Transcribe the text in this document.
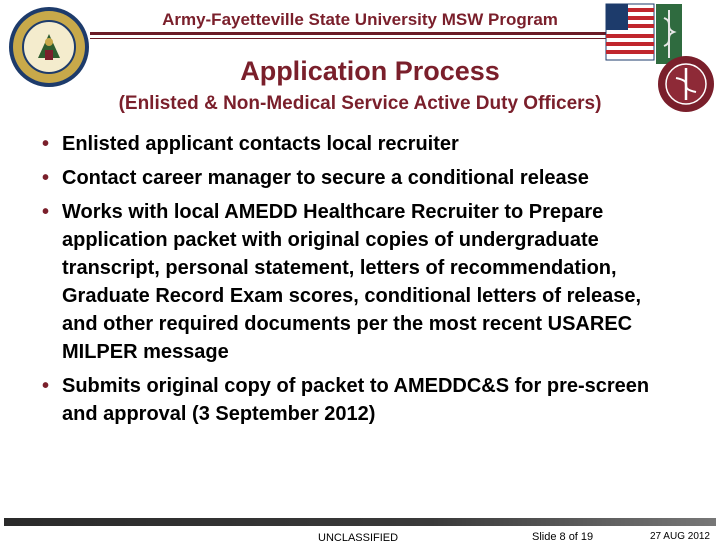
Army-Fayetteville State University MSW Program
Application Process
(Enlisted & Non-Medical Service Active Duty Officers)
• Enlisted applicant contacts local recruiter
• Contact career manager to secure a conditional release
• Works with local AMEDD Healthcare Recruiter to Prepare application packet with original copies of undergraduate transcript, personal statement, letters of recommendation, Graduate Record Exam scores, conditional letters of release, and other required documents per the most recent USAREC MILPER message
• Submits original copy of packet to AMEDDC&S for pre-screen and approval (3 September 2012)
UNCLASSIFIED	Slide 8 of 19	27 AUG 2012
